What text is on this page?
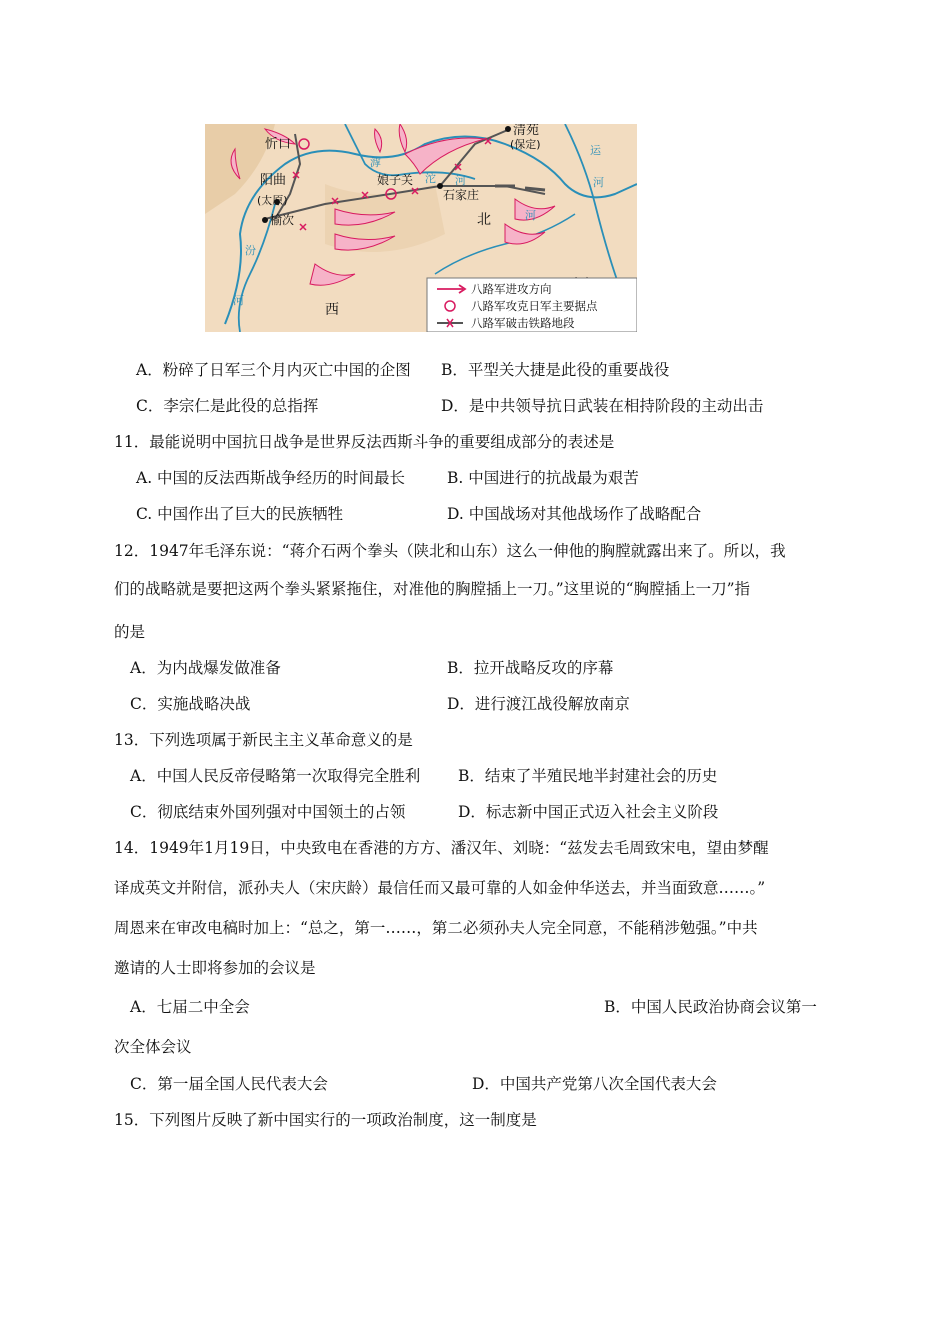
忻口
清苑
(保定)
阳曲
(太原)
娘子关
石家庄
榆次	北
西
滹
沱 河
运
河
汾
河
河
八路军进攻方向
八路军攻克日军主要据点
八路军破击铁路地段
A．粉碎了日军三个月内灭亡中国的企图 B．平型关大捷是此役的重要战役
C．李宗仁是此役的总指挥	D．是中共领导抗日武装在相持阶段的主动出击
11．最能说明中国抗日战争是世界反法西斯斗争的重要组成部分的表述是
A. 中国的反法西斯战争经历的时间最长	B. 中国进行的抗战最为艰苦
C. 中国作出了巨大的民族牺牲	D. 中国战场对其他战场作了战略配合
12．1947年毛泽东说：“蒋介石两个拳头（陕北和山东）这么一伸他的胸膛就露出来了。所以，我
们的战略就是要把这两个拳头紧紧拖住，对准他的胸膛插上一刀。”这里说的“胸膛插上一刀”指
的是
A．为内战爆发做准备	B．拉开战略反攻的序幕
C．实施战略决战	D．进行渡江战役解放南京
13．下列选项属于新民主主义革命意义的是
A．中国人民反帝侵略第一次取得完全胜利 B．结束了半殖民地半封建社会的历史
C．彻底结束外国列强对中国领土的占领	D．标志新中国正式迈入社会主义阶段
14．1949年1月19日，中央致电在香港的方方、潘汉年、刘晓：“兹发去毛周致宋电，望由梦醒
译成英文并附信，派孙夫人（宋庆龄）最信任而又最可靠的人如金仲华送去，并当面致意……。”
周恩来在审改电稿时加上：“总之，第一……，第二必须孙夫人完全同意，不能稍涉勉强。”中共
邀请的人士即将参加的会议是
A．七届二中全会	B．中国人民政治协商会议第一
次全体会议
C．第一届全国人民代表大会	D．中国共产党第八次全国代表大会
15．下列图片反映了新中国实行的一项政治制度，这一制度是
